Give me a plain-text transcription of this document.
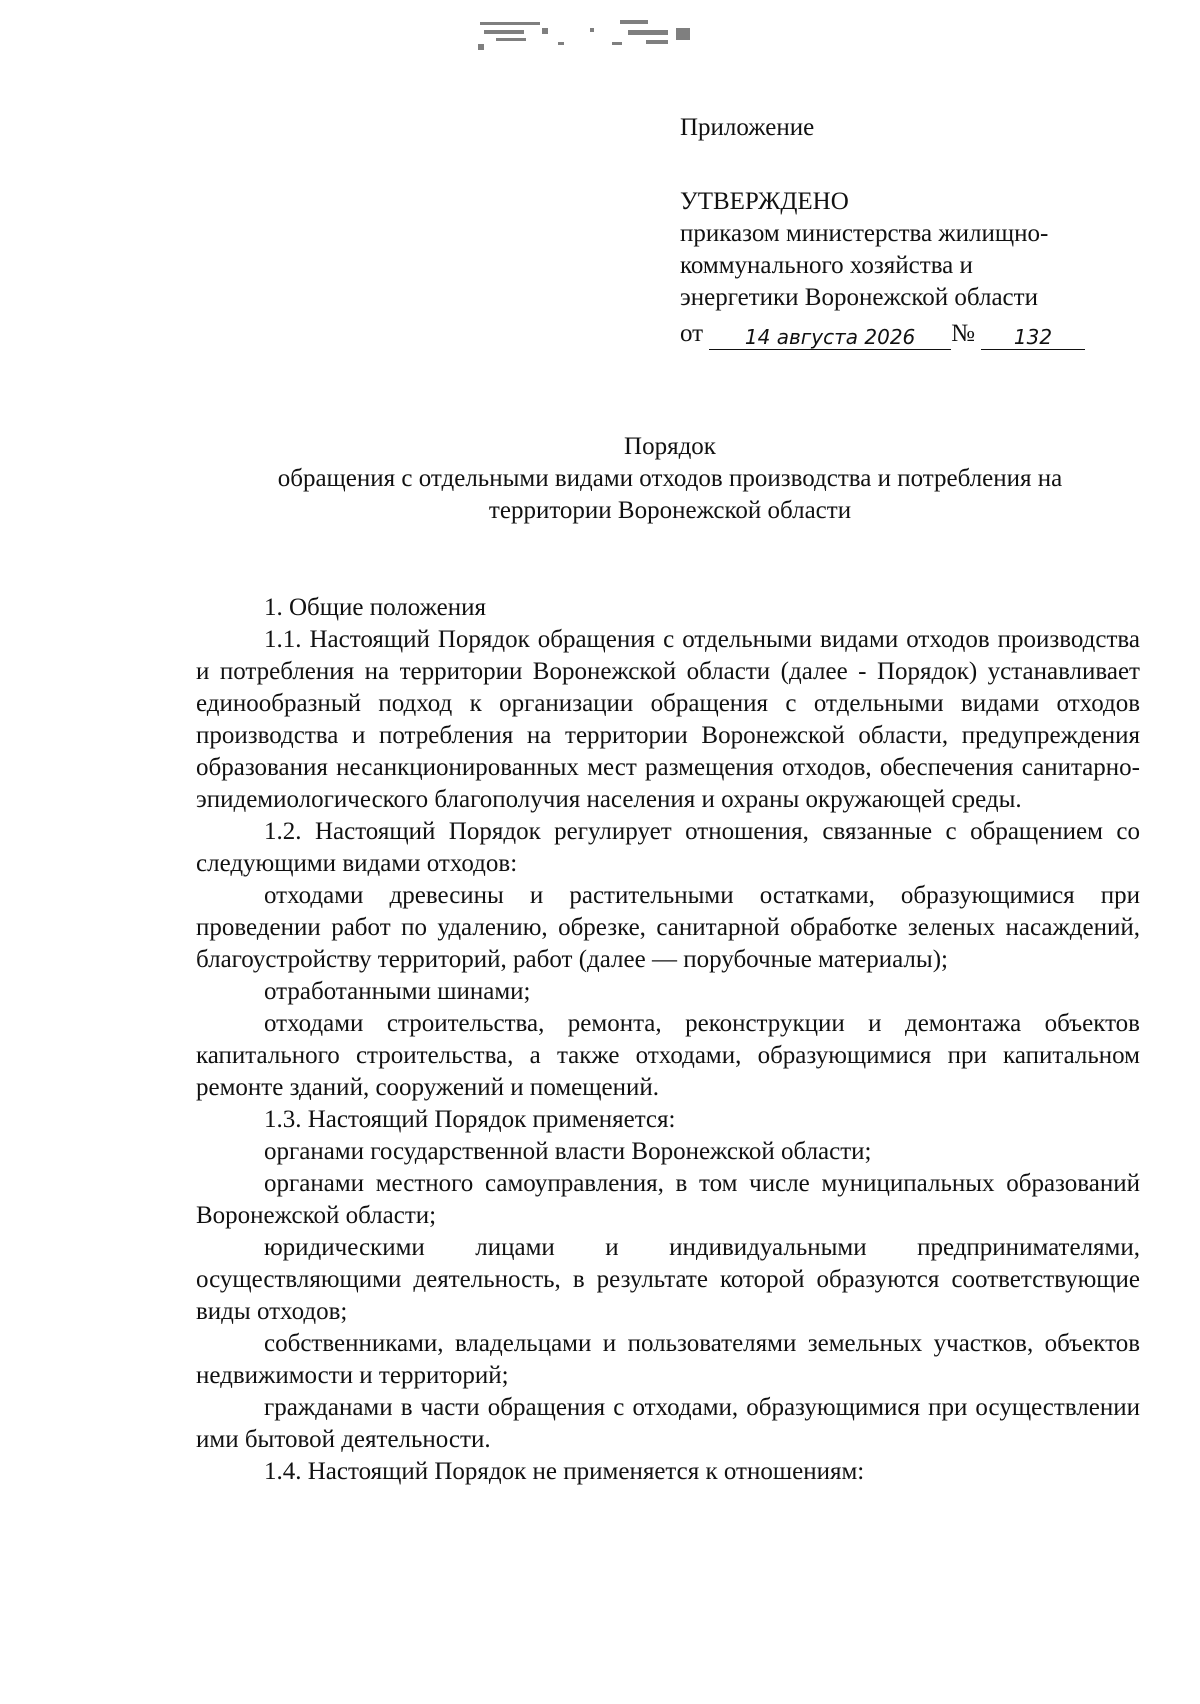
Приложение

УТВЕРЖДЕНО

приказом министерства жилищно-

коммунального хозяйства и

энергетики Воронежской области

от	14 августа 2026	№	132

Порядок

обращения с отдельными видами отходов производства и потребления на

территории Воронежской области

1. Общие положения

1.1. Настоящий Порядок обращения с отдельными видами отходов производства и потребления на территории Воронежской области (далее - Порядок) устанавливает единообразный подход к организации обращения с отдельными видами отходов производства и потребления на территории Воронежской области, предупреждения образования несанкционированных мест размещения отходов, обеспечения санитарно-эпидемиологического благополучия населения и охраны окружающей среды.

1.2. Настоящий Порядок регулирует отношения, связанные с обращением со следующими видами отходов:

отходами древесины и растительными остатками, образующимися при проведении работ по удалению, обрезке, санитарной обработке зеленых насаждений, благоустройству территорий, работ (далее — порубочные материалы);

отработанными шинами;

отходами строительства, ремонта, реконструкции и демонтажа объектов капитального строительства, а также отходами, образующимися при капитальном ремонте зданий, сооружений и помещений.

1.3. Настоящий Порядок применяется:

органами государственной власти Воронежской области;

органами местного самоуправления, в том числе муниципальных образований Воронежской области;

юридическими лицами и индивидуальными предпринимателями, осуществляющими деятельность, в результате которой образуются соответствующие виды отходов;

собственниками, владельцами и пользователями земельных участков, объектов недвижимости и территорий;

гражданами в части обращения с отходами, образующимися при осуществлении ими бытовой деятельности.

1.4. Настоящий Порядок не применяется к отношениям:
